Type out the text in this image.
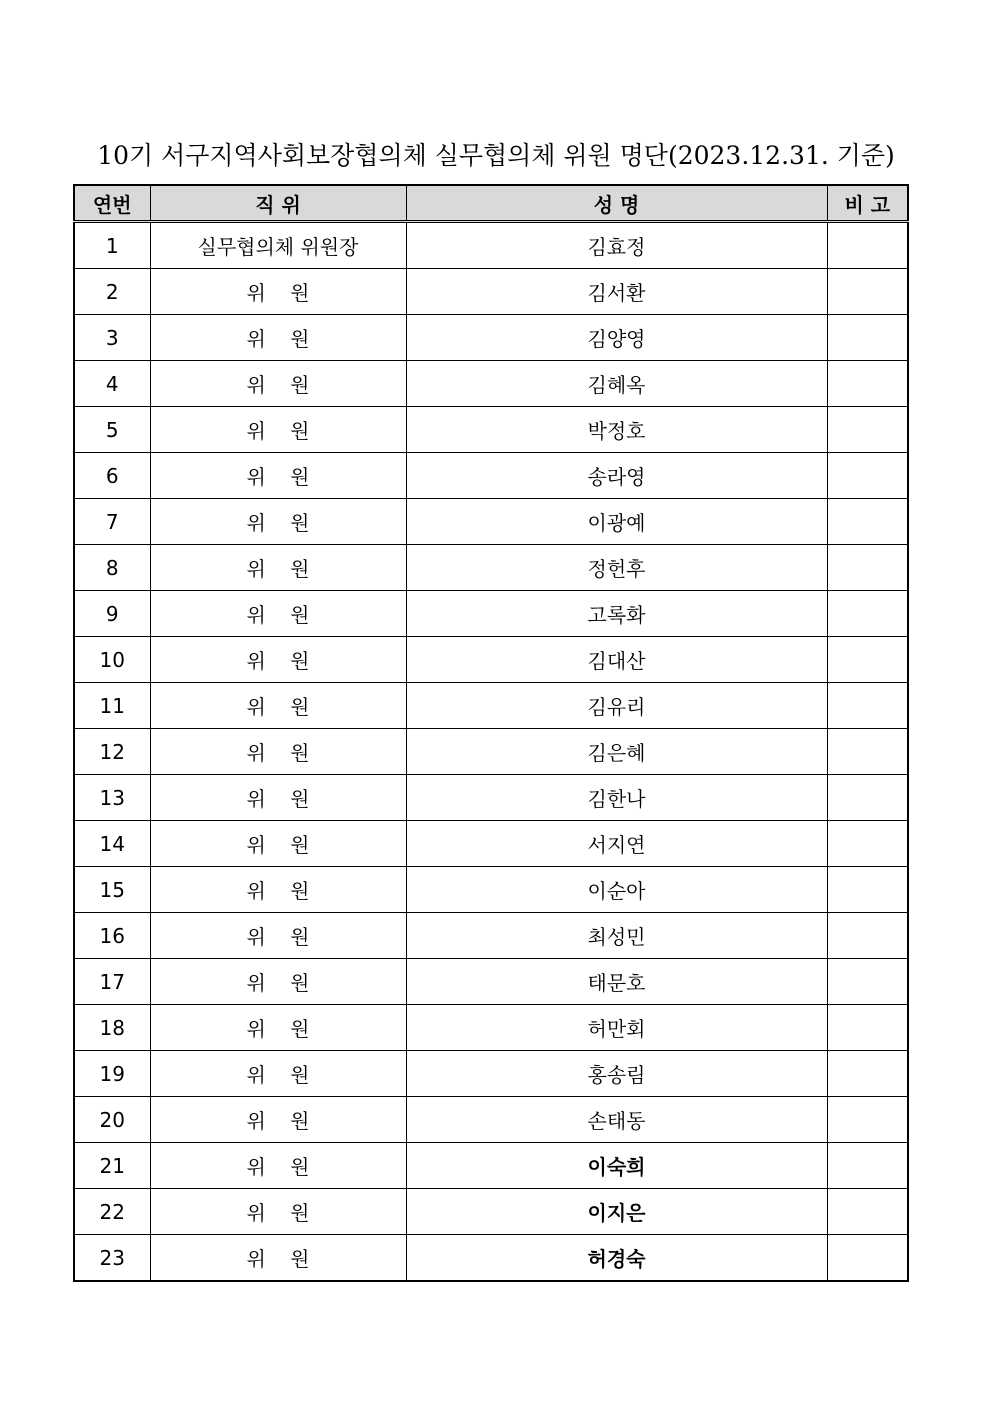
10기 서구지역사회보장협의체 실무협의체 위원 명단(2023.12.31. 기준)
연번	직 위	성 명	비 고
1	실무협의체 위원장	김효정	
2	위 원	김서환	
3	위 원	김양영	
4	위 원	김혜옥	
5	위 원	박정호	
6	위 원	송라영	
7	위 원	이광예	
8	위 원	정헌후	
9	위 원	고록화	
10	위 원	김대산	
11	위 원	김유리	
12	위 원	김은혜	
13	위 원	김한나	
14	위 원	서지연	
15	위 원	이순아	
16	위 원	최성민	
17	위 원	태문호	
18	위 원	허만회	
19	위 원	홍송림	
20	위 원	손태동	
21	위 원	이숙희	
22	위 원	이지은	
23	위 원	허경숙	
